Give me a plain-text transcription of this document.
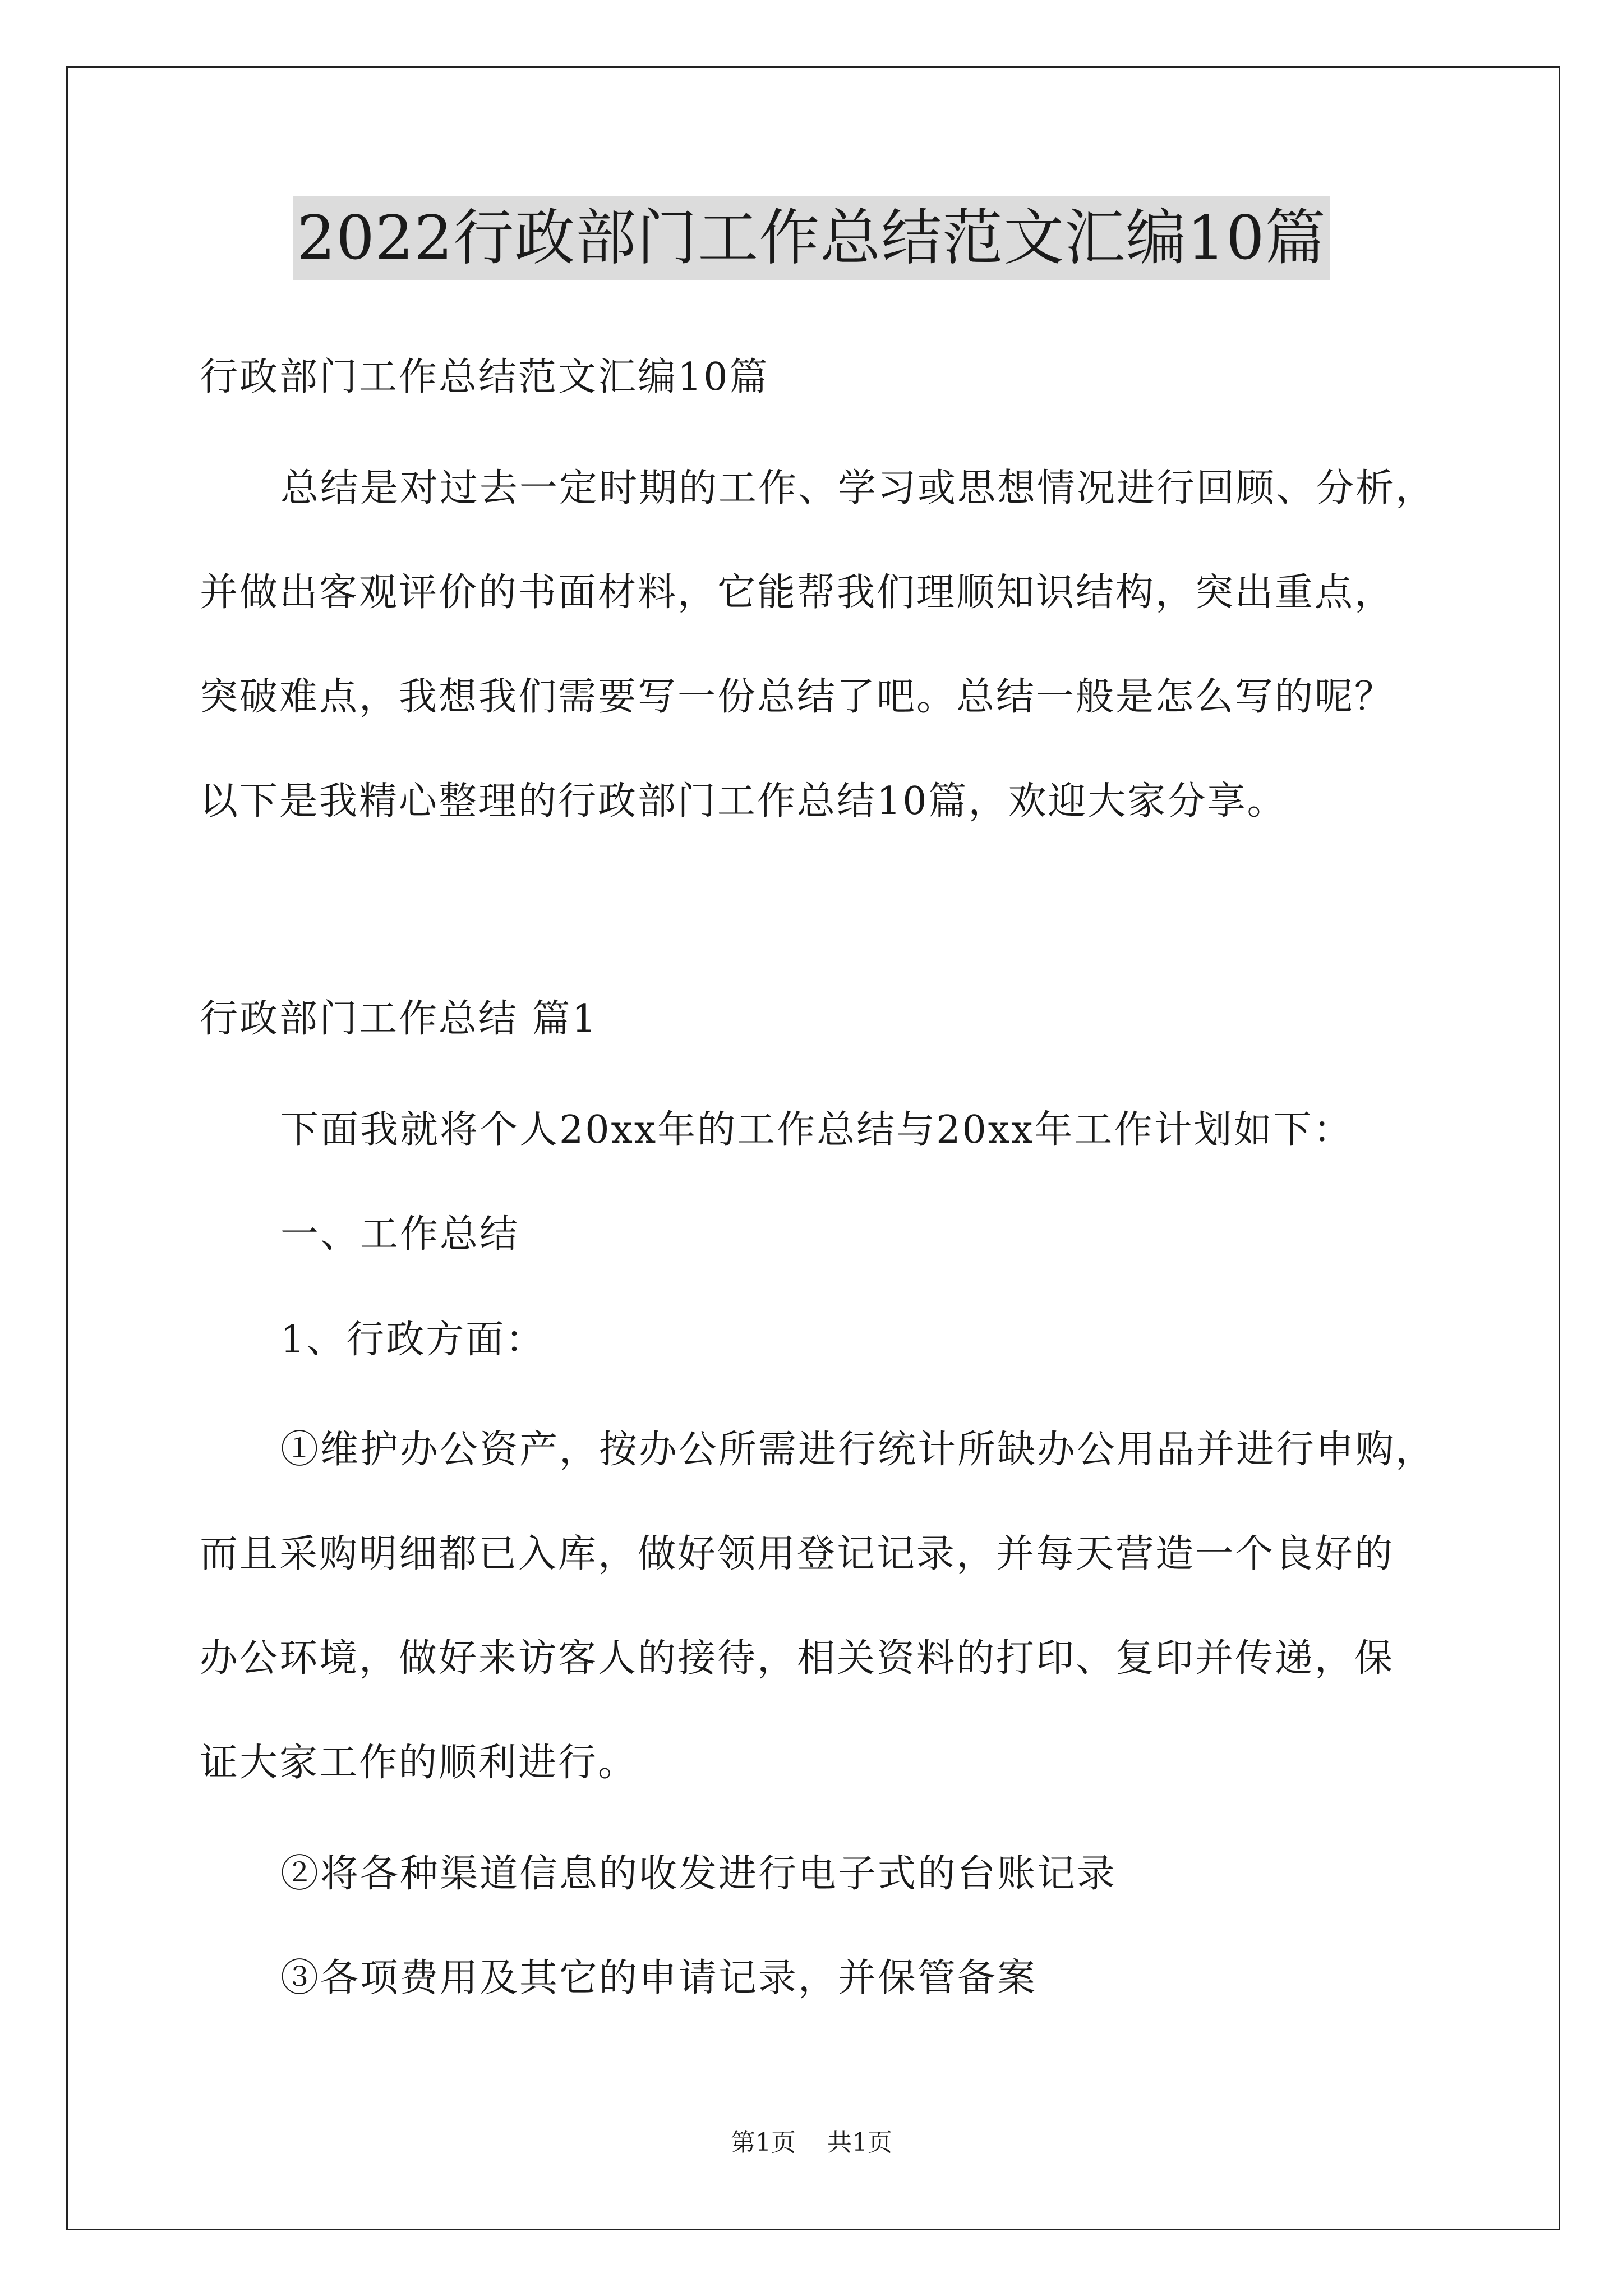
2022行政部门工作总结范文汇编10篇
行政部门工作总结范文汇编10篇
总结是对过去一定时期的工作、学习或思想情况进行回顾、分析，
并做出客观评价的书面材料，它能帮我们理顺知识结构，突出重点，
突破难点，我想我们需要写一份总结了吧。总结一般是怎么写的呢？
以下是我精心整理的行政部门工作总结10篇，欢迎大家分享。
行政部门工作总结 篇1
下面我就将个人20xx年的工作总结与20xx年工作计划如下：
一、工作总结
1、行政方面：
①维护办公资产，按办公所需进行统计所缺办公用品并进行申购，
而且采购明细都已入库，做好领用登记记录，并每天营造一个良好的
办公环境，做好来访客人的接待，相关资料的打印、复印并传递，保
证大家工作的顺利进行。
②将各种渠道信息的收发进行电子式的台账记录
③各项费用及其它的申请记录，并保管备案
第1页 共1页
